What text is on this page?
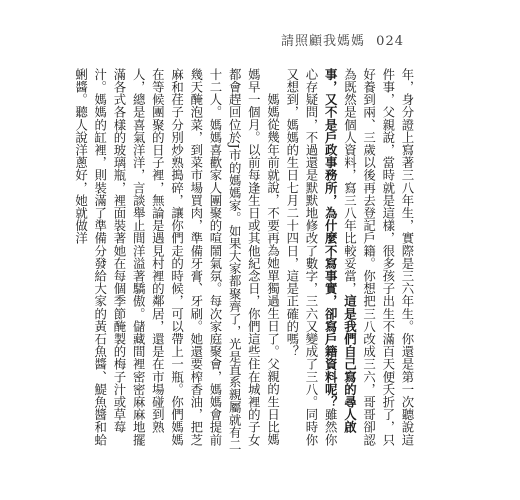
請照顧我媽媽 024

年，身分證上寫著三八年生，實際是三六年生。你還是第一次聽說這件事，父親說，當時就是這樣，很多孩子出生不滿百天便夭折了，只好養到兩、三歲以後再去登記戶籍。你想把三八改成三六，哥哥卻認為既然是個人資料，寫三八年比較妥當，這是我們自己寫的尋人啟事，又不是戶政事務所，為什麼不寫事實，卻寫戶籍資料呢？雖然你心存疑問，不過還是默默地修改了數字，三六又變成了三八。同時你又想到，媽媽的生日七月二十四日，這是正確的嗎？

媽媽從幾年前就說，不要再為她單獨過生日了。父親的生日比媽媽早一個月。以前每逢生日或其他紀念日，你們這些住在城裡的子女都會趕回位於J市的媽媽家。如果大家都聚齊了，光是直系親屬就有二十二人。媽媽喜歡家人團聚的喧鬧氣氛。每次家庭聚會，媽媽會提前幾天醃泡菜，到菜市場買肉，準備牙膏、牙刷。她還要榨香油，把芝麻和荏子分別炒熟搗碎，讓你們走的時候，可以帶上一瓶。你們媽媽在等候團聚的日子裡，無論是遇見村裡的鄰居，還是在市場碰到熟人，總是喜氣洋洋，言談舉止間洋溢著驕傲。儲藏間裡密密麻麻地擺滿各式各樣的玻璃瓶，裡面裝著她在每個季節醃製的梅子汁或草莓汁。媽媽的缸裡，則裝滿了準備分發給大家的黃石魚醬、鯷魚醬和蛤蜊醬。聽人說洋蔥好，她就做洋
